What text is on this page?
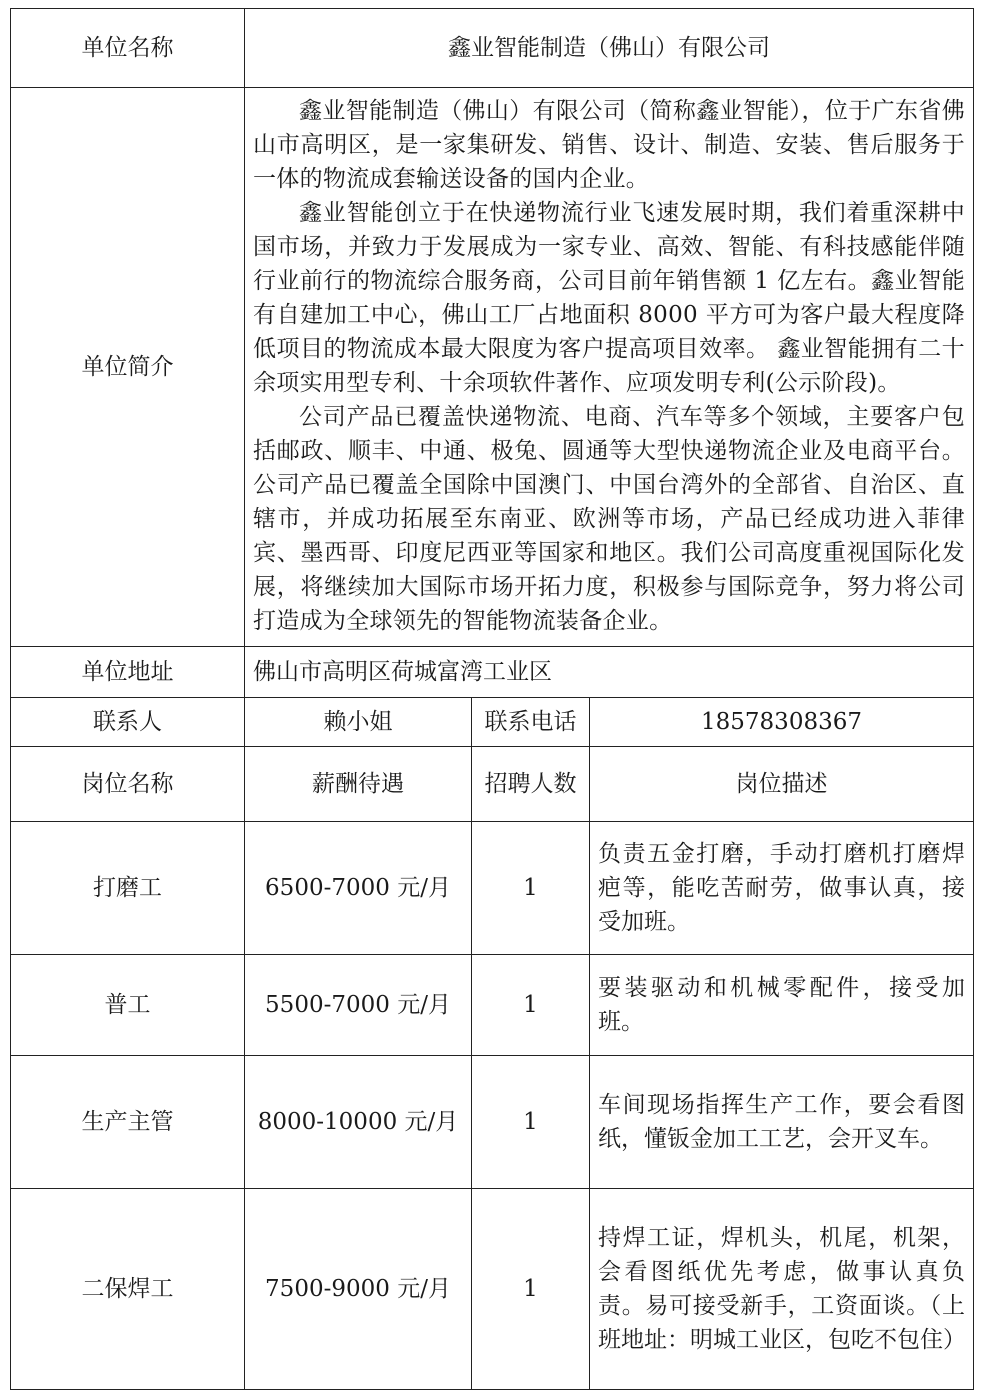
单位名称	鑫业智能制造（佛山）有限公司		
单位简介	鑫业智能制造（佛山）有限公司（简称鑫业智能），位于广东省佛山市高明区，是一家集研发、销售、设计、制造、安装、售后服务于一体的物流成套输送设备的国内企业。

鑫业智能创立于在快递物流行业飞速发展时期，我们着重深耕中国市场，并致力于发展成为一家专业、高效、智能、有科技感能伴随行业前行的物流综合服务商，公司目前年销售额 1 亿左右。鑫业智能有自建加工中心，佛山工厂占地面积 8000 平方可为客户最大程度降低项目的物流成本最大限度为客户提高项目效率。 鑫业智能拥有二十余项实用型专利、十余项软件著作、应项发明专利(公示阶段)。

公司产品已覆盖快递物流、电商、汽车等多个领域，主要客户包括邮政、顺丰、中通、极兔、圆通等大型快递物流企业及电商平台。公司产品已覆盖全国除中国澳门、中国台湾外的全部省、自治区、直辖市，并成功拓展至东南亚、欧洲等市场，产品已经成功进入菲律宾、墨西哥、印度尼西亚等国家和地区。我们公司高度重视国际化发展，将继续加大国际市场开拓力度，积极参与国际竞争，努力将公司打造成为全球领先的智能物流装备企业。		

单位地址	佛山市高明区荷城富湾工业区		
联系人	赖小姐	联系电话	18578308367
岗位名称	薪酬待遇	招聘人数	岗位描述
打磨工	6500-7000 元/月	1	负责五金打磨，手动打磨机打磨焊疤等，能吃苦耐劳，做事认真，接受加班。
普工	5500-7000 元/月	1	要装驱动和机械零配件，接受加班。
生产主管	8000-10000 元/月	1	车间现场指挥生产工作，要会看图纸，懂钣金加工工艺，会开叉车。
二保焊工	7500-9000 元/月	1	持焊工证，焊机头，机尾，机架，会看图纸优先考虑，做事认真负责。易可接受新手，工资面谈。（上班地址：明城工业区，包吃不包住）
